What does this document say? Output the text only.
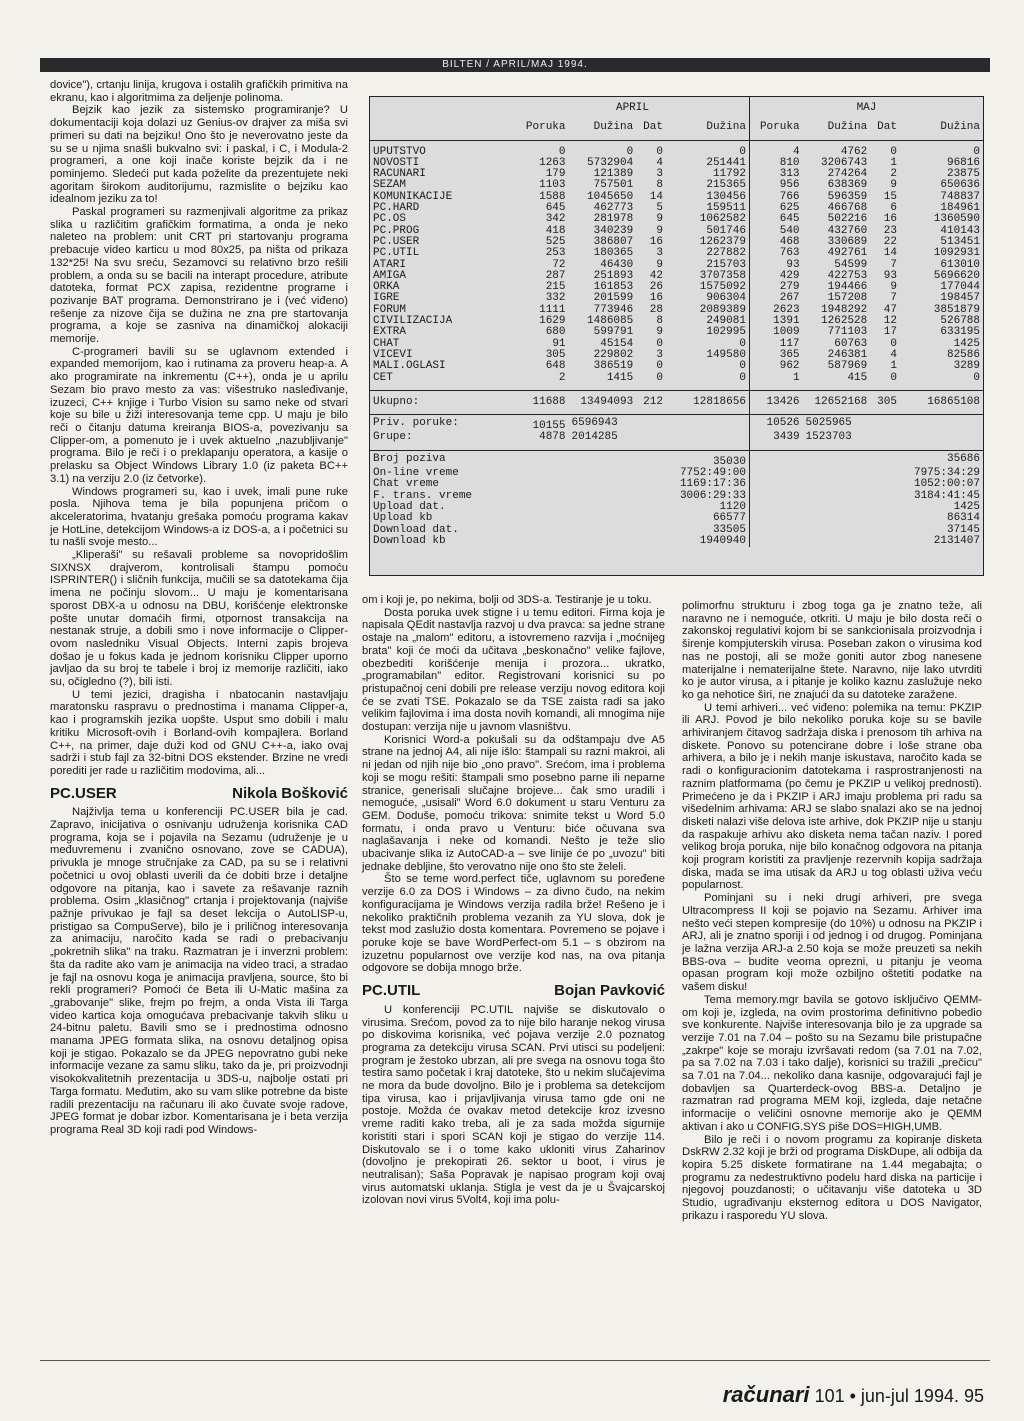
BILTEN / APRIL/MAJ 1994.

dovice"), crtanju linija, krugova i ostalih grafičkih primitiva na ekranu, kao i algoritmima za deljenje polinoma.

Bejzik kao jezik za sistemsko programiranje? U dokumentaciji koja dolazi uz Genius-ov drajver za miša svi primeri su dati na bejziku! Ono što je neverovatno jeste da su se u njima snašli bukvalno svi: i paskal, i C, i Modula-2 programeri, a one koji inače koriste bejzik da i ne pominjemo. Sledeći put kada poželite da prezentujete neki agoritam širokom auditorijumu, razmislite o bejziku kao idealnom jeziku za to!

Paskal programeri su razmenjivali algoritme za prikaz slika u različitim grafičkim formatima, a onda je neko naleteo na problem: unit CRT pri startovanju programa prebacuje video karticu u mod 80x25, pa ništa od prikaza 132*25! Na svu sreću, Sezamovci su relativno brzo rešili problem, a onda su se bacili na interapt procedure, atribute datoteka, format PCX zapisa, rezidentne programe i pozivanje BAT programa. Demonstrirano je i (već viđeno) rešenje za nizove čija se dužina ne zna pre startovanja programa, a koje se zasniva na dinamičkoj alokaciji memorije.

C-programeri bavili su se uglavnom extended i expanded memorijom, kao i rutinama za proveru heap-a. A ako programirate na inkrementu (C++), onda je u aprilu Sezam bio pravo mesto za vas: višestruko nasleđivanje, izuzeci, C++ knjige i Turbo Vision su samo neke od stvari koje su bile u žiži interesovanja teme cpp. U maju je bilo reči o čitanju datuma kreiranja BIOS-a, povezivanju sa Clipper-om, a pomenuto je i uvek aktuelno „nazubljivanje" programa. Bilo je reči i o preklapanju operatora, a kasije o prelasku sa Object Windows Library 1.0 (iz paketa BC++ 3.1) na verziju 2.0 (iz četvorke).

Windows programeri su, kao i uvek, imali pune ruke posla. Njihova tema je bila popunjena pričom o akceleratorima, hvatanju grešaka pomoću programa kakav je HotLine, detekcijom Windows-a iz DOS-a, a i početnici su tu našli svoje mesto...

„Kliperaši" su rešavali probleme sa novopridošlim SIXNSX drajverom, kontrolisali štampu pomoću ISPRINTER() i sličnih funkcija, mučili se sa datotekama čija imena ne počinju slovom... U maju je komentarisana sporost DBX-a u odnosu na DBU, korišćenje elektronske pošte unutar domaćih firmi, otpornost transakcija na nestanak struje, a dobili smo i nove informacije o Clipper-ovom nasledniku Visual Objects. Interni zapis brojeva došao je u fokus kada je jednom korisniku Clipper uporno javljao da su broj te tabele i broj iz memorije različiti, iako su, očigledno (?), bili isti.

U temi jezici, dragisha i nbatocanin nastavljaju maratonsku raspravu o prednostima i manama Clipper-a, kao i programskih jezika uopšte. Usput smo dobili i malu kritiku Microsoft-ovih i Borland-ovih kompajlera. Borland C++, na primer, daje duži kod od GNU C++-a, iako ovaj sadrži i stub fajl za 32-bitni DOS ekstender. Brzine ne vredi porediti jer rade u različitim modovima, ali...

PC.USER	Nikola Bošković

Najživlja tema u konferenciji PC.USER bila je cad. Zapravo, inicijativa o osnivanju udruženja korisnika CAD programa, koja se i pojavila na Sezamu (udruženje je u međuvremenu i zvanično osnovano, zove se CADUA), privukla je mnoge stručnjake za CAD, pa su se i relativni početnici u ovoj oblasti uverili da će dobiti brze i detaljne odgovore na pitanja, kao i savete za rešavanje raznih problema. Osim „klasičnog" crtanja i projektovanja (najviše pažnje privukao je fajl sa deset lekcija o AutoLISP-u, pristigao sa CompuServe), bilo je i priličnog interesovanja za animaciju, naročito kada se radi o prebacivanju „pokretnih slika" na traku. Razmatran je i inverzni problem: šta da radite ako vam je animacija na video traci, a stradao je fajl na osnovu koga je animacija pravljena, source, što bi rekli programeri? Pomoći će Beta ili U-Matic mašina za „grabovanje" slike, frejm po frejm, a onda Vista ili Targa video kartica koja omogućava prebacivanje takvih sliku u 24-bitnu paletu. Bavili smo se i prednostima odnosno manama JPEG formata slika, na osnovu detaljnog opisa koji je stigao. Pokazalo se da JPEG nepovratno gubi neke informacije vezane za samu sliku, tako da je, pri proizvodnji visokokvalitetnih prezentacija u 3DS-u, najbolje ostati pri Targa formatu. Međutim, ako su vam slike potrebne da biste radili prezentaciju na računaru ili ako čuvate svoje radove, JPEG format je dobar izbor. Komentarisana je i beta verzija programa Real 3D koji radi pod Windows-

	APRIL				MAJ			
	Poruka	Dužina	Dat	Dužina	Poruka	Dužina	Dat	Dužina
UPUTSTVO	0	0	0	0	4	4762	0	0
NOVOSTI	1263	5732904	4	251441	810	3206743	1	96816
RACUNARI	179	121389	3	11792	313	274264	2	23875
SEZAM	1103	757501	8	215365	956	638369	9	650636
KOMUNIKACIJE	1588	1045650	14	130456	766	596359	15	748837
PC.HARD	645	462773	5	159511	625	466768	6	184961
PC.OS	342	281978	9	1062582	645	502216	16	1360590
PC.PROG	418	340239	9	501746	540	432760	23	410143
PC.USER	525	386807	16	1262379	468	330689	22	513451
PC.UTIL	253	180365	3	227882	763	492761	14	1092931
ATARI	72	46430	9	215703	93	54599	7	613010
AMIGA	287	251893	42	3707358	429	422753	93	5696620
ORKA	215	161853	26	1575092	279	194466	9	177044
IGRE	332	201599	16	906304	267	157208	7	198457
FORUM	1111	773946	28	2089389	2623	1948292	47	3851879
CIVILIZACIJA	1629	1486085	8	249081	1391	1262528	12	526788
EXTRA	680	599791	9	102995	1009	771103	17	633195
CHAT	91	45154	0	0	117	60763	0	1425
VICEVI	305	229802	3	149580	365	246381	4	82586
MALI.OGLASI	648	386519	0	0	962	587969	1	3289
CET	2	1415	0	0	1	415	0	0

Ukupno:	11688	13494093	212	12818656	13426	12652168	305	16865108
Priv. poruke:	10155	6596943			10526	5025965		
Grupe:	4878	2014285			3439	1523703		

Broj poziva				35030				35686
On-line vreme				7752:49:00				7975:34:29
Chat vreme				1169:17:36				1052:00:07
F. trans. vreme				3006:29:33				3184:41:45
Upload dat.				1120				1425
Upload kb				66577				86314
Download dat.				33505				37145
Download kb				1940940				2131407

om i koji je, po nekima, bolji od 3DS-a. Testiranje je u toku.

Dosta poruka uvek stigne i u temu editori. Firma koja je napisala QEdit nastavlja razvoj u dva pravca: sa jedne strane ostaje na „malom" editoru, a istovremeno razvija i „moćnijeg brata" koji će moći da učitava „beskonačno" velike fajlove, obezbediti korišćenje menija i prozora... ukratko, „programabilan" editor. Registrovani korisnici su po pristupačnoj ceni dobili pre release verziju novog editora koji će se zvati TSE. Pokazalo se da TSE zaista radi sa jako velikim fajlovima i ima dosta novih komandi, ali mnogima nije dostupan: verzija nije u javnom vlasništvu.

Korisnici Word-a pokušali su da odštampaju dve A5 strane na jednoj A4, ali nije išlo: štampali su razni makroi, ali ni jedan od njih nije bio „ono pravo". Srećom, ima i problema koji se mogu rešiti: štampali smo posebno parne ili neparne stranice, generisali slučajne brojeve... čak smo uradili i nemoguće, „usisali" Word 6.0 dokument u staru Venturu za GEM. Doduše, pomoću trikova: snimite tekst u Word 5.0 formatu, i onda pravo u Venturu: biće očuvana sva naglašavanja i neke od komandi. Nešto je teže slio ubacivanje slika iz AutoCAD-a – sve linije će po „uvozu" biti jednake debljine, što verovatno nije ono što ste želeli.

Što se teme word.perfect tiče, uglavnom su poređene verzije 6.0 za DOS i Windows – za divno čudo, na nekim konfiguracijama je Windows verzija radila brže! Rešeno je i nekoliko praktičnih problema vezanih za YU slova, dok je tekst mod zaslužio dosta komentara. Povremeno se pojave i poruke koje se bave WordPerfect-om 5.1 – s obzirom na izuzetnu popularnost ove verzije kod nas, na ova pitanja odgovore se dobija mnogo brže.

PC.UTIL	Bojan Pavković

U konferenciji PC.UTIL najviše se diskutovalo o virusima. Srećom, povod za to nije bilo haranje nekog virusa po diskovima korisnika, već pojava verzije 2.0 poznatog programa za detekciju virusa SCAN. Prvi utisci su podeljeni: program je žestoko ubrzan, ali pre svega na osnovu toga što testira samo početak i kraj datoteke, što u nekim slučajevima ne mora da bude dovoljno. Bilo je i problema sa detekcijom tipa virusa, kao i prijavljivanja virusa tamo gde oni ne postoje. Možda će ovakav metod detekcije kroz izvesno vreme raditi kako treba, ali je za sada možda sigurnije koristiti stari i spori SCAN koji je stigao do verzije 114. Diskutovalo se i o tome kako ukloniti virus Zaharinov (dovoljno je prekopirati 26. sektor u boot, i virus je neutralisan); Saša Popravak je napisao program koji ovaj virus automatski uklanja. Stigla je vest da je u Švajcarskoj izolovan novi virus 5Volt4, koji ima polu-

polimorfnu strukturu i zbog toga ga je znatno teže, ali naravno ne i nemoguće, otkriti. U maju je bilo dosta reči o zakonskoj regulativi kojom bi se sankcionisala proizvodnja i širenje kompjuterskih virusa. Poseban zakon o virusima kod nas ne postoji, ali se može goniti autor zbog nanesene materijalne i nematerijalne štete. Naravno, nije lako utvrditi ko je autor virusa, a i pitanje je koliko kaznu zaslužuje neko ko ga nehotice širi, ne znajući da su datoteke zaražene.

U temi arhiveri... već viđeno: polemika na temu: PKZIP ili ARJ. Povod je bilo nekoliko poruka koje su se bavile arhiviranjem čitavog sadržaja diska i prenosom tih arhiva na diskete. Ponovo su potencirane dobre i loše strane oba arhivera, a bilo je i nekih manje iskustava, naročito kada se radi o konfiguracionim datotekama i rasprostranjenosti na raznim platformama (po čemu je PKZIP u velikoj prednosti). Primećeno je da i PKZIP i ARJ imaju problema pri radu sa višedelnim arhivama: ARJ se slabo snalazi ako se na jednoj disketi nalazi više delova iste arhive, dok PKZIP nije u stanju da raspakuje arhivu ako disketa nema tačan naziv. I pored velikog broja poruka, nije bilo konačnog odgovora na pitanja koji program koristiti za pravljenje rezervnih kopija sadržaja diska, mada se ima utisak da ARJ u tog oblasti uživa veću popularnost.

Pominjani su i neki drugi arhiveri, pre svega Ultracompress II koji se pojavio na Sezamu. Arhiver ima nešto veći stepen kompresije (do 10%) u odnosu na PKZIP i ARJ, ali je znatno sporiji i od jednog i od drugog. Pominjana je lažna verzija ARJ-a 2.50 koja se može preuzeti sa nekih BBS-ova – budite veoma oprezni, u pitanju je veoma opasan program koji može ozbiljno oštetiti podatke na vašem disku!

Tema memory.mgr bavila se gotovo isključivo QEMM-om koji je, izgleda, na ovim prostorima definitivno pobedio sve konkurente. Najviše interesovanja bilo je za upgrade sa verzije 7.01 na 7.04 – pošto su na Sezamu bile pristupačne „zakrpe" koje se moraju izvršavati redom (sa 7.01 na 7.02, pa sa 7.02 na 7.03 i tako dalje), korisnici su tražili „prečicu" sa 7.01 na 7.04... nekoliko dana kasnije, odgovarajući fajl je dobavljen sa Quarterdeck-ovog BBS-a. Detaljno je razmatran rad programa MEM koji, izgleda, daje netačne informacije o veličini osnovne memorije ako je QEMM aktivan i ako u CONFIG.SYS piše DOS=HIGH,UMB.

Bilo je reči i o novom programu za kopiranje disketa DskRW 2.32 koji je brži od programa DiskDupe, ali odbija da kopira 5.25 diskete formatirane na 1.44 megabajta; o programu za nedestruktivno podelu hard diska na particije i njegovoj pouzdanosti; o učitavanju više datoteka u 3D Studio, ugrađivanju eksternog editora u DOS Navigator, prikazu i rasporedu YU slova.

računari 101 • jun-jul 1994. 95
